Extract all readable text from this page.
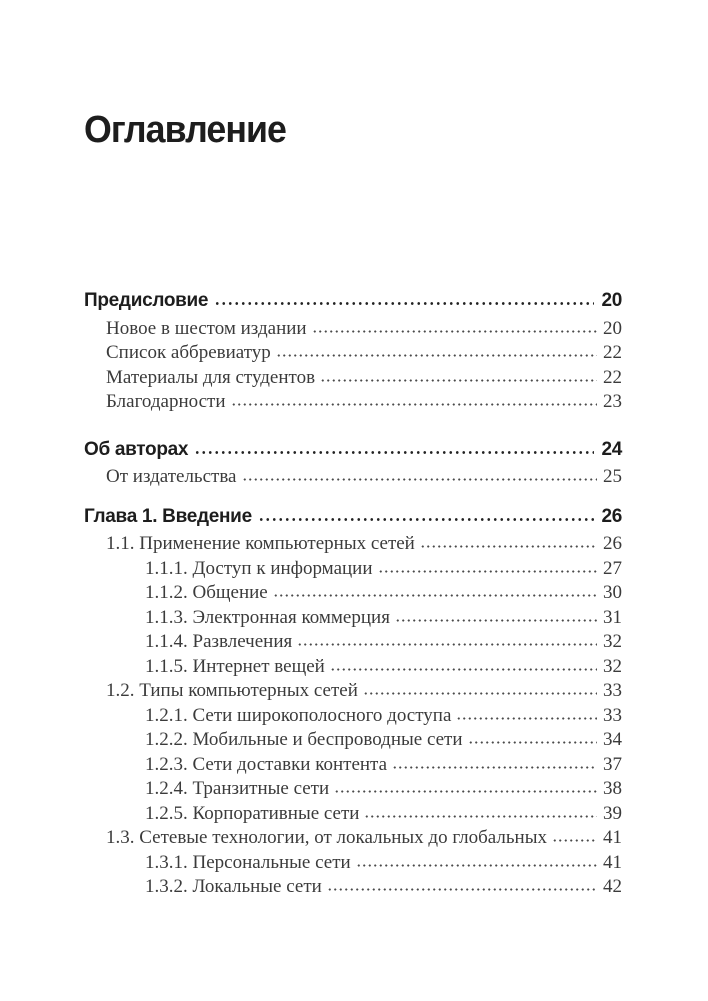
Оглавление
Предисловие	20
Новое в шестом издании	20
Список аббревиатур	22
Материалы для студентов	22
Благодарности	23
Об авторах	24
От издательства	25
Глава 1. Введение	26
1.1. Применение компьютерных сетей	26
1.1.1. Доступ к информации	27
1.1.2. Общение	30
1.1.3. Электронная коммерция	31
1.1.4. Развлечения	32
1.1.5. Интернет вещей	32
1.2. Типы компьютерных сетей	33
1.2.1. Сети широкополосного доступа	33
1.2.2. Мобильные и беспроводные сети	34
1.2.3. Сети доставки контента	37
1.2.4. Транзитные сети	38
1.2.5. Корпоративные сети	39
1.3. Сетевые технологии, от локальных до глобальных	41
1.3.1. Персональные сети	41
1.3.2. Локальные сети	42
